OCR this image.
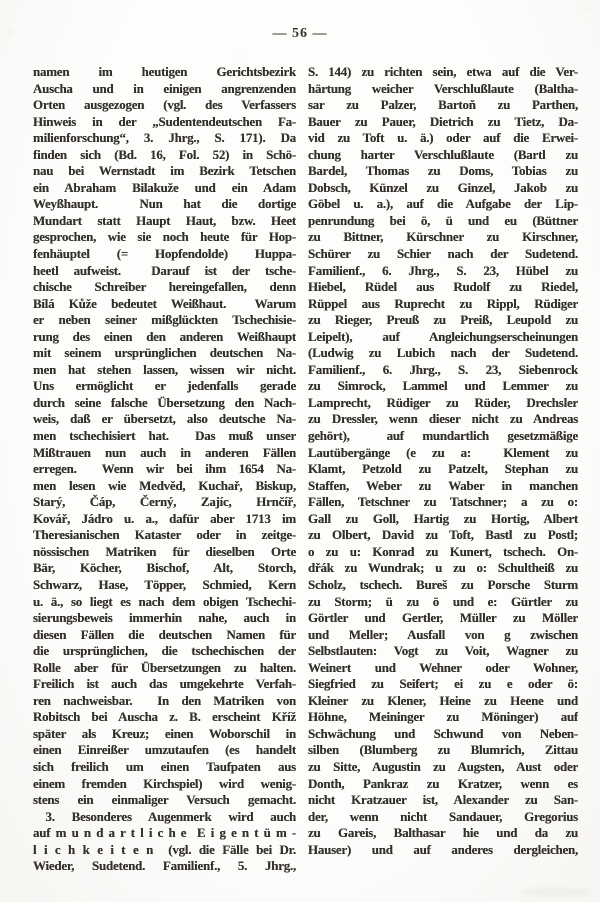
— 56 —
namen im heutigen Gerichtsbezirk
Auscha und in einigen angrenzenden
Orten ausgezogen (vgl. des Verfassers
Hinweis in der „Sudentendeutschen Fa-
milienforschung“, 3. Jhrg., S. 171). Da
finden sich (Bd. 16, Fol. 52) in Schö-
nau bei Wernstadt im Bezirk Tetschen
ein Abraham Bilakuže und ein Adam
Weyßhaupt.  Nun hat die dortige
Mundart statt Haupt Haut, bzw. Heet
gesprochen, wie sie noch heute für Hop-
fenhäuptel (= Hopfendolde) Huppa-
heetl aufweist.  Darauf ist der tsche-
chische Schreiber hereingefallen, denn
Bílá Kůže bedeutet Weißhaut.  Warum
er neben seiner mißglückten Tschechisie-
rung des einen den anderen Weißhaupt
mit seinem ursprünglichen deutschen Na-
men hat stehen lassen, wissen wir nicht.
Uns ermöglicht er jedenfalls gerade
durch seine falsche Übersetzung den Nach-
weis, daß er übersetzt, also deutsche Na-
men tschechisiert hat.  Das muß unser
Mißtrauen nun auch in anderen Fällen
erregen.  Wenn wir bei ihm 1654 Na-
men lesen wie Medvěd, Kuchař, Biskup,
Starý, Čáp, Černý, Zajíc, Hrnčíř,
Kovář, Jádro u. a., dafür aber 1713 im
Theresianischen Kataster oder in zeitge-
nössischen Matriken für dieselben Orte
Bär, Köcher, Bischof, Alt, Storch,
Schwarz, Hase, Töpper, Schmied, Kern
u. ä., so liegt es nach dem obigen Tschechi-
sierungsbeweis immerhin nahe, auch in
diesen Fällen die deutschen Namen für
die ursprünglichen, die tschechischen der
Rolle aber für Übersetzungen zu halten.
Freilich ist auch das umgekehrte Verfah-
ren nachweisbar.  In den Matriken von
Robitsch bei Auscha z. B. erscheint Kříž
später als Kreuz; einen Woborschil in
einen Einreißer umzutaufen (es handelt
sich freilich um einen Taufpaten aus
einem fremden Kirchspiel) wird wenig-
stens ein einmaliger Versuch gemacht.
  3. Besonderes Augenmerk wird auch
auf m u n d a r t l i c h e  E i g e n t ü m -
l i c h k e i t e n  (vgl. die Fälle bei Dr.
Wieder, Sudetend. Familienf., 5. Jhrg.,
S. 144) zu richten sein, etwa auf die Ver-
härtung weicher Verschlußlaute (Baltha-
sar zu Palzer, Bartoň zu Parthen,
Bauer zu Pauer, Dietrich zu Tietz, Da-
vid zu Toft u. ä.) oder auf die Erwei-
chung harter Verschlußlaute (Bartl zu
Bardel, Thomas zu Doms, Tobias zu
Dobsch, Künzel zu Ginzel, Jakob zu
Göbel u. a.), auf die Aufgabe der Lip-
penrundung bei ö, ü und eu (Büttner
zu Bittner, Kürschner zu Kirschner,
Schürer zu Schier nach der Sudetend.
Familienf., 6. Jhrg., S. 23, Hübel zu
Hiebel, Rüdel aus Rudolf zu Riedel,
Rüppel aus Ruprecht zu Rippl, Rüdiger
zu Rieger, Preuß zu Preiß, Leupold zu
Leipelt), auf Angleichungserscheinungen
(Ludwig zu Lubich nach der Sudetend.
Familienf., 6. Jhrg., S. 23, Siebenrock
zu Simrock, Lammel und Lemmer zu
Lamprecht, Rüdiger zu Rüder, Drechsler
zu Dressler, wenn dieser nicht zu Andreas
gehört),  auf mundartlich gesetzmäßige
Lautübergänge (e zu a:  Klement zu
Klamt, Petzold zu Patzelt, Stephan zu
Staffen, Weber zu Waber in manchen
Fällen, Tetschner zu Tatschner; a zu o:
Gall zu Goll, Hartig zu Hortig, Albert
zu Olbert, David zu Toft, Bastl zu Postl;
o zu u: Konrad zu Kunert, tschech. On-
dřák zu Wundrak; u zu o: Schultheiß zu
Scholz, tschech. Bureš zu Porsche Sturm
zu Storm; ü zu ö und e: Gürtler zu
Görtler und Gertler, Müller zu Möller
und Meller; Ausfall von g zwischen
Selbstlauten: Vogt zu Voit, Wagner zu
Weinert und Wehner oder Wohner,
Siegfried zu Seifert; ei zu e oder ö:
Kleiner zu Klener, Heine zu Heene und
Höhne, Meininger zu Möninger) auf
Schwächung und Schwund von Neben-
silben (Blumberg zu Blumrich, Zittau
zu Sitte, Augustin zu Augsten, Aust oder
Donth, Pankraz zu Kratzer, wenn es
nicht Kratzauer ist, Alexander zu San-
der, wenn nicht Sandauer, Gregorius
zu Gareis, Balthasar hie und da zu
Hauser) und auf anderes dergleichen,
